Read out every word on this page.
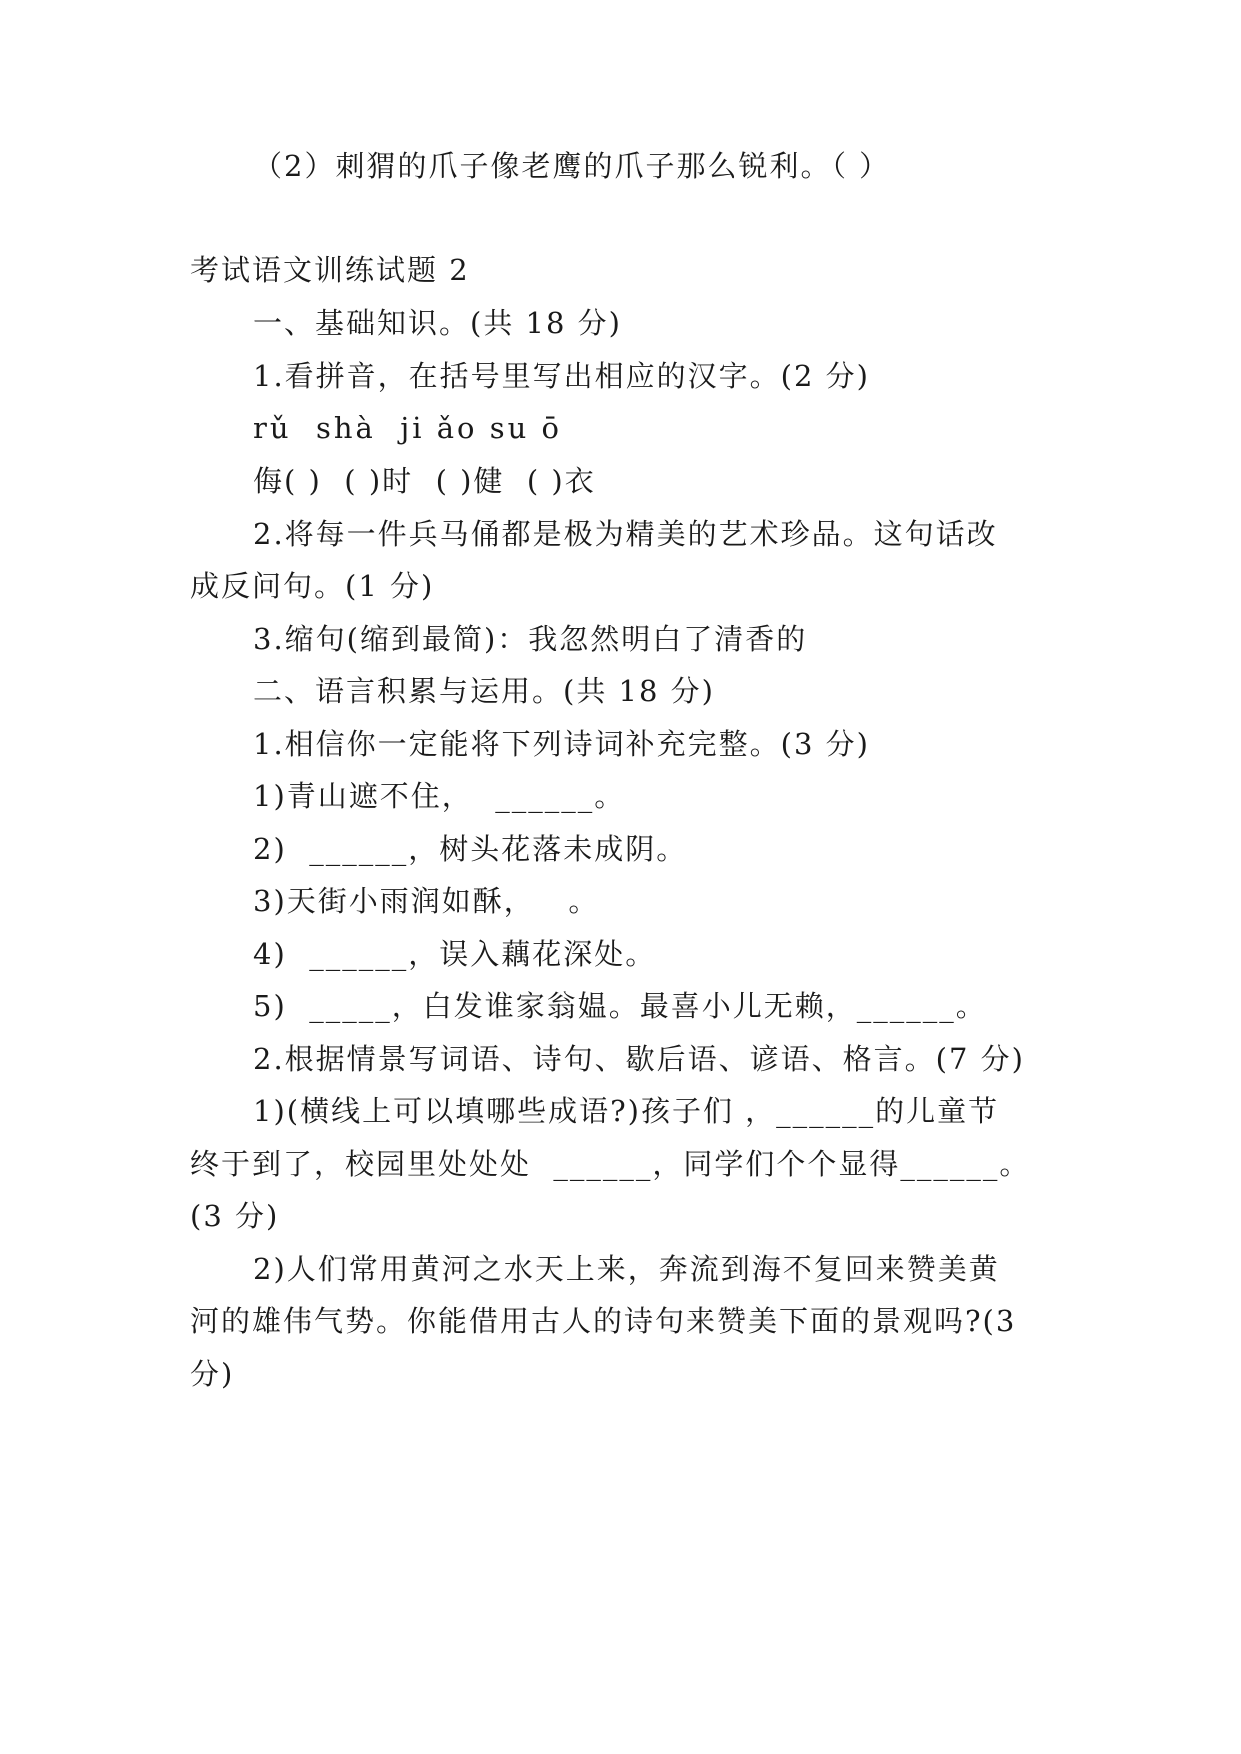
（2）刺猬的爪子像老鹰的爪子那么锐利。（ ）
考试语文训练试题 2
一、基础知识。(共 18 分)
1.看拼音，在括号里写出相应的汉字。(2 分)
rǔ  shà  ji ǎo su ō
侮( )  ( )时  ( )健  ( )衣
2.将每一件兵马俑都是极为精美的艺术珍品。这句话改
成反问句。(1 分)
3.缩句(缩到最简)：我忽然明白了清香的
二、语言积累与运用。(共 18 分)
1.相信你一定能将下列诗词补充完整。(3 分)
1)青山遮不住，  ______。
2)  ______，树头花落未成阴。
3)天街小雨润如酥，   。
4)  ______，误入藕花深处。
5)  _____，白发谁家翁媪。最喜小儿无赖，______。
2.根据情景写词语、诗句、歇后语、谚语、格言。(7 分)
1)(横线上可以填哪些成语?)孩子们 ，______的儿童节
终于到了，校园里处处处  ______，同学们个个显得______。
(3 分)
2)人们常用黄河之水天上来，奔流到海不复回来赞美黄
河的雄伟气势。你能借用古人的诗句来赞美下面的景观吗?(3
分)
